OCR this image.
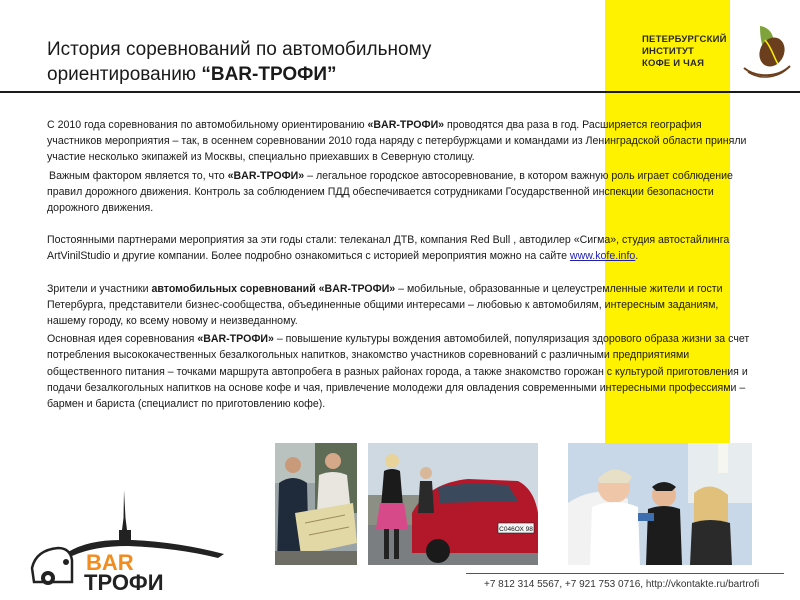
История соревнований по автомобильному
ориентированию “BAR-ТРОФИ”
ПЕТЕРБУРГСКИЙ
ИНСТИТУТ
КОФЕ И ЧАЯ

С 2010 года соревнования по автомобильному ориентированию «BAR-ТРОФИ» проводятся два раза в год. Расширяется география участников мероприятия – так, в осеннем соревновании 2010 года наряду с петербуржцами и командами из Ленинградской области приняли участие несколько экипажей из Москвы, специально приехавших в Северную столицу.

Важным фактором является то, что «BAR-ТРОФИ» – легальное городское автосоревнование, в котором важную роль играет соблюдение правил дорожного движения. Контроль за соблюдением ПДД обеспечивается сотрудниками Государственной инспекции безопасности дорожного движения.

Постоянными партнерами мероприятия за эти годы стали: телеканал ДТВ, компания Red Bull , автодилер «Сигма», студия автостайлинга ArtVinilStudio и другие компании. Более подробно ознакомиться с историей мероприятия можно на сайте www.kofe.info.

Зрители и участники автомобильных соревнований «BAR-ТРОФИ» – мобильные, образованные и целеустремленные жители и гости Петербурга, представители бизнес-сообщества, объединенные общими интересами – любовью к автомобилям, интересным заданиям, нашему городу, ко всему новому и неизведанному.

Основная идея соревнования «BAR-ТРОФИ» – повышение культуры вождения автомобилей, популяризация здорового образа жизни за счет потребления высококачественных безалкогольных напитков, знакомство участников соревнований с различными предприятиями общественного питания – точками маршрута автопробега в разных районах города, а также знакомство горожан с культурой приготовления и подачи безалкогольных напитков на основе кофе и чая, привлечение молодежи для овладения современными интересными профессиями – бармен и бариста (специалист по приготовлению кофе).

С046ОХ 98
BAR
ТРОФИ	+7 812 314 5567, +7 921 753 0716, http://vkontakte.ru/bartrofi
